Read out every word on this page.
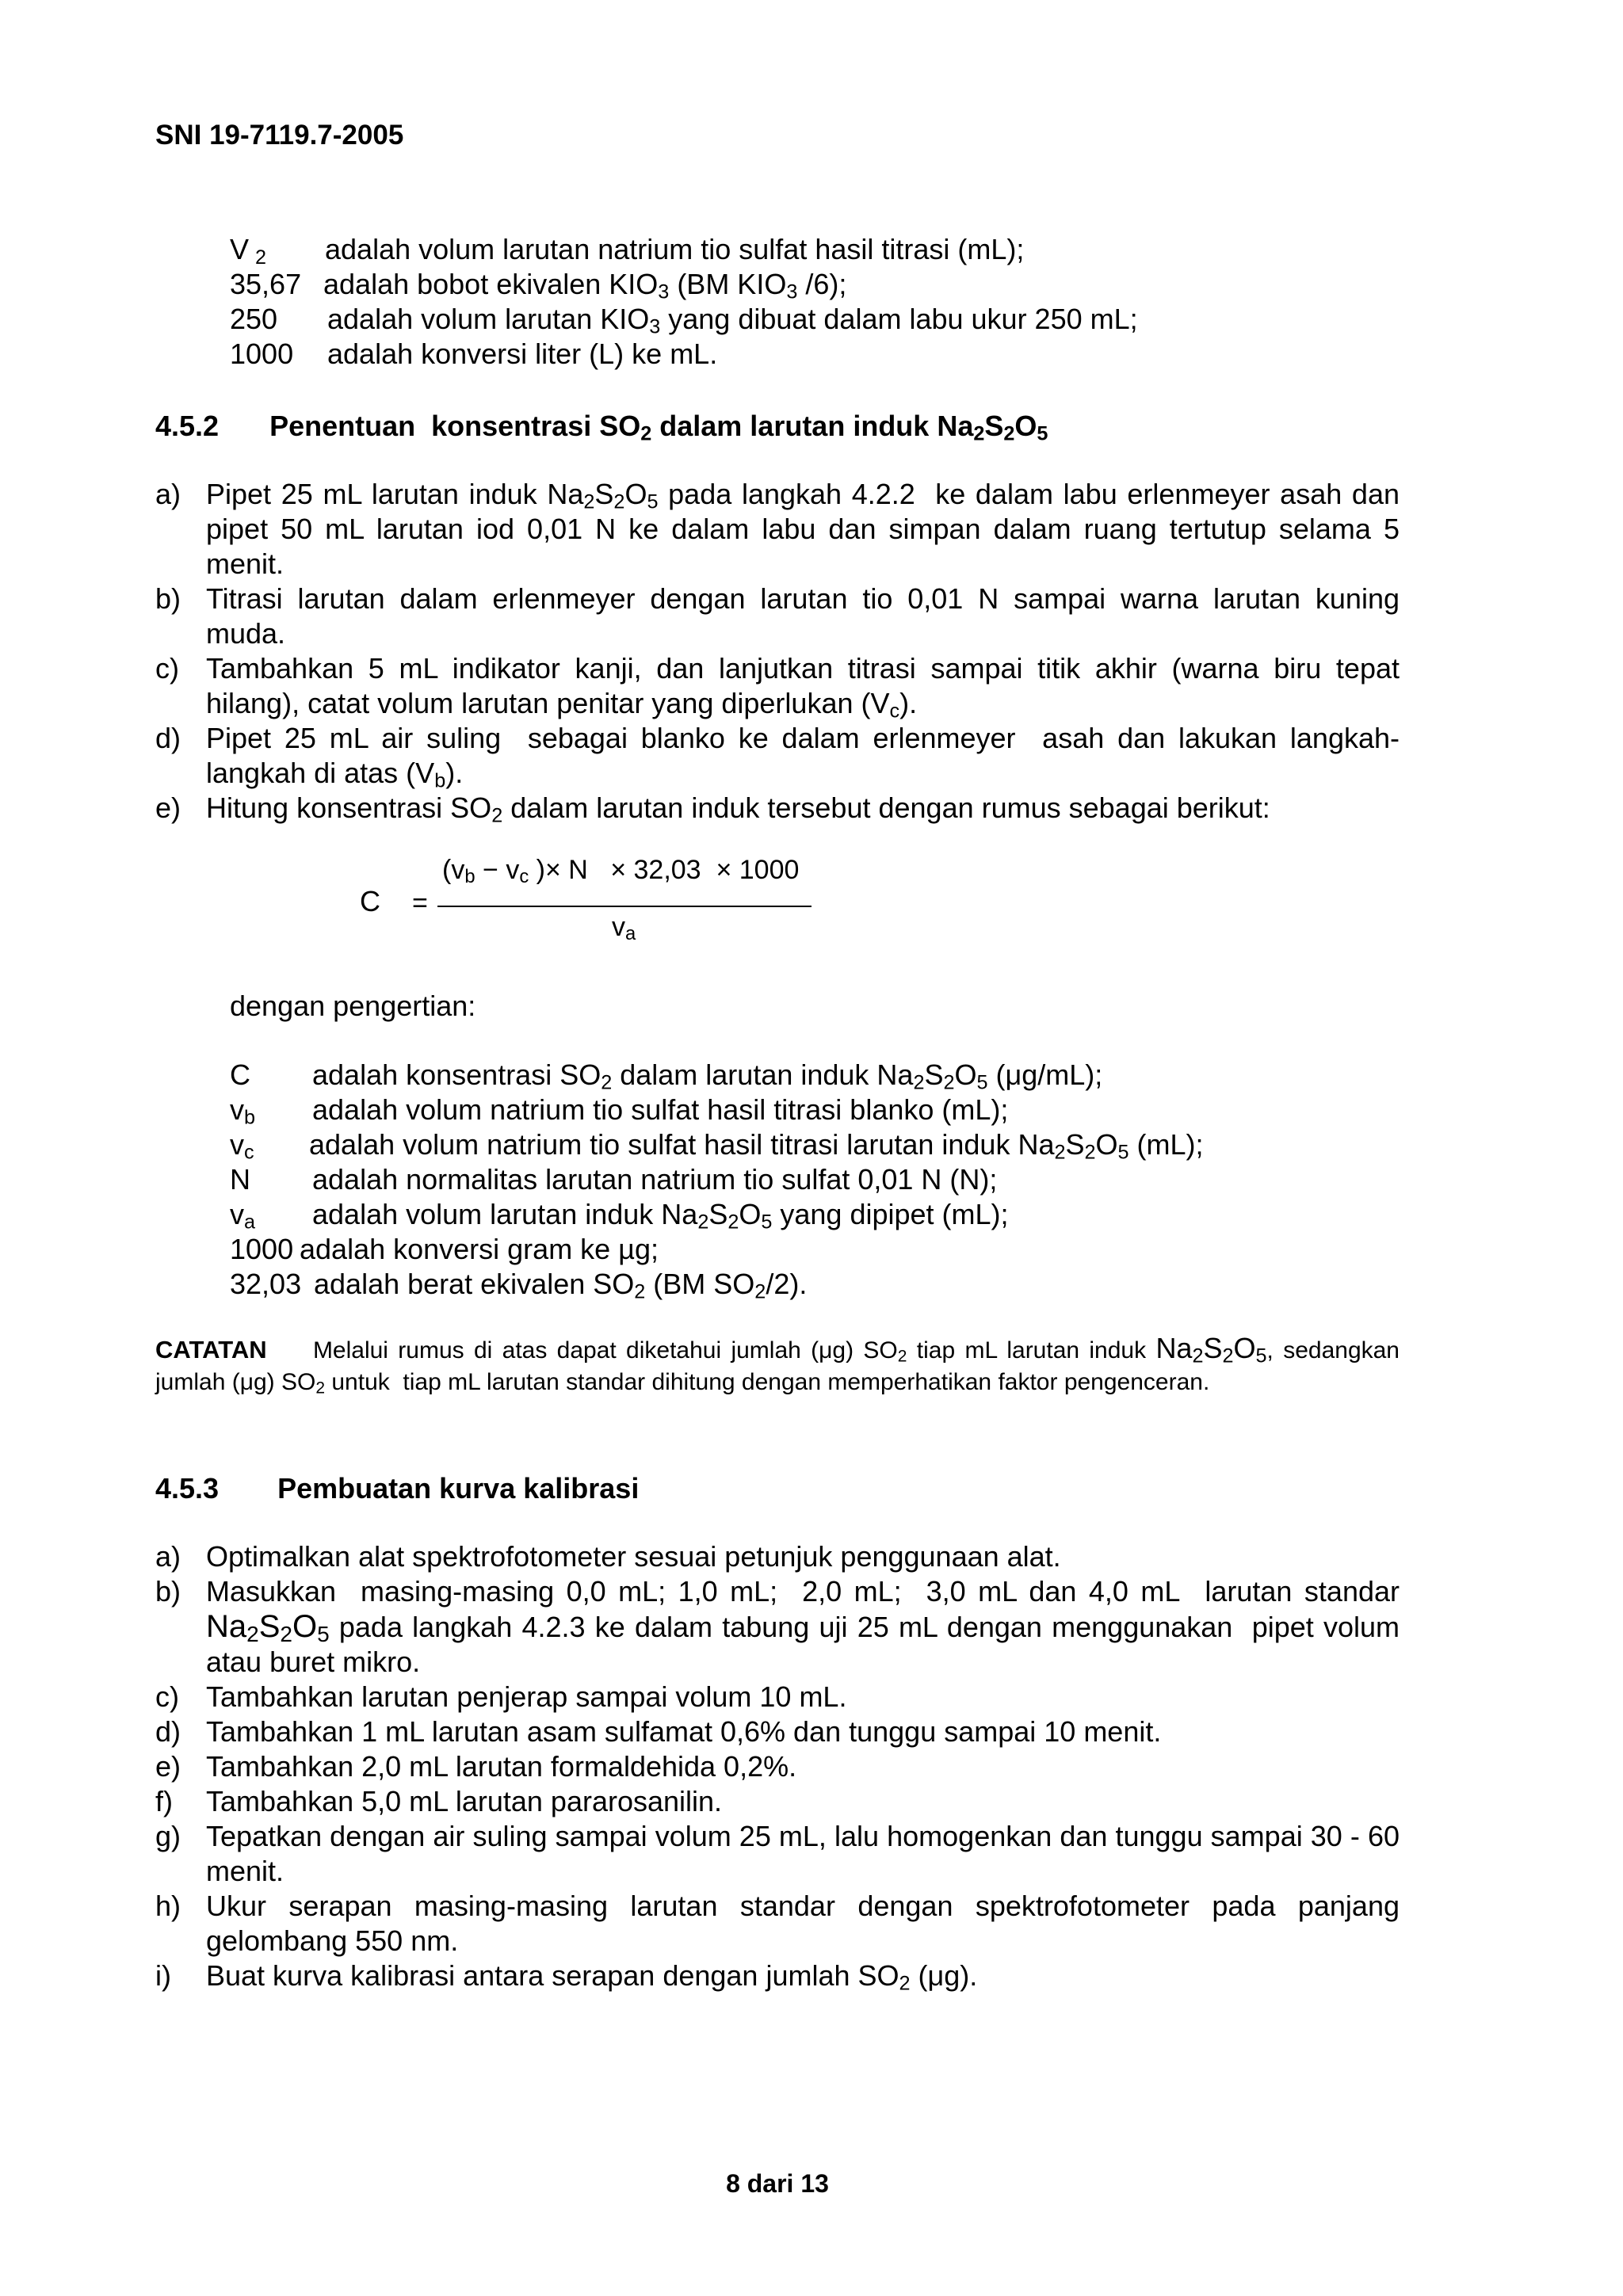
SNI 19-7119.7-2005
V $_2$ adalah volum larutan natrium tio sulfat hasil titrasi (mL);
35,67 adalah bobot ekivalen $KIO_3$ (BM $KIO_3$ /6);
250 adalah volum larutan $KIO_3$ yang dibuat dalam labu ukur 250 mL;
1000 adalah konversi liter (L) ke mL.
4.5.2 Penentuan  konsentrasi $SO_2$ dalam larutan induk $Na_2S_2O_5$
a) Pipet 25 mL larutan induk $Na_2S_2O_5$ pada langkah 4.2.2  ke dalam labu erlenmeyer asah dan pipet 50 mL larutan iod 0,01 N ke dalam labu dan simpan dalam ruang tertutup selama 5 menit.
b) Titrasi larutan dalam erlenmeyer dengan larutan tio 0,01 N sampai warna larutan kuning muda.
c) Tambahkan 5 mL indikator kanji, dan lanjutkan titrasi sampai titik akhir (warna biru tepat hilang), catat volum larutan penitar yang diperlukan $(V_c)$.
d) Pipet 25 mL air suling  sebagai blanko ke dalam erlenmeyer  asah dan lakukan langkah-langkah di atas $(V_b)$.
e) Hitung konsentrasi $SO_2$ dalam larutan induk tersebut dengan rumus sebagai berikut:
C =
($v_b - v_c$ )× N   × 32,03  × 1000
$v_a$
dengan pengertian:
C adalah konsentrasi $SO_2$ dalam larutan induk $Na_2S_2O_5$ (μg/mL);
$v_b$ adalah volum natrium tio sulfat hasil titrasi blanko (mL);
$v_c$ adalah volum natrium tio sulfat hasil titrasi larutan induk $Na_2S_2O_5$ (mL);
N adalah normalitas larutan natrium tio sulfat 0,01 N (N);
$v_a$ adalah volum larutan induk $Na_2S_2O_5$ yang dipipet (mL);
1000 adalah konversi gram ke µg;
32,03 adalah berat ekivalen $SO_2$ (BM $SO_2/2$).
CATATAN Melalui rumus di atas dapat diketahui jumlah (μg) $SO_2$ tiap mL larutan induk $Na_2S_2O_5$, sedangkan jumlah (μg) $SO_2$ untuk  tiap mL larutan standar dihitung dengan memperhatikan faktor pengenceran.
4.5.3 Pembuatan kurva kalibrasi
a) Optimalkan alat spektrofotometer sesuai petunjuk penggunaan alat.
b) Masukkan  masing-masing 0,0 mL; 1,0 mL;  2,0 mL;  3,0 mL dan 4,0 mL  larutan standar $Na_2S_2O_5$ pada langkah 4.2.3 ke dalam tabung uji 25 mL dengan menggunakan  pipet volum atau buret mikro.
c) Tambahkan larutan penjerap sampai volum 10 mL.
d) Tambahkan 1 mL larutan asam sulfamat 0,6% dan tunggu sampai 10 menit.
e) Tambahkan 2,0 mL larutan formaldehida 0,2%.
f) Tambahkan 5,0 mL larutan pararosanilin.
g) Tepatkan dengan air suling sampai volum 25 mL, lalu homogenkan dan tunggu sampai 30 - 60 menit.
h) Ukur serapan masing-masing larutan standar dengan spektrofotometer pada panjang gelombang 550 nm.
i) Buat kurva kalibrasi antara serapan dengan jumlah $SO_2$ (μg).
8 dari 13
